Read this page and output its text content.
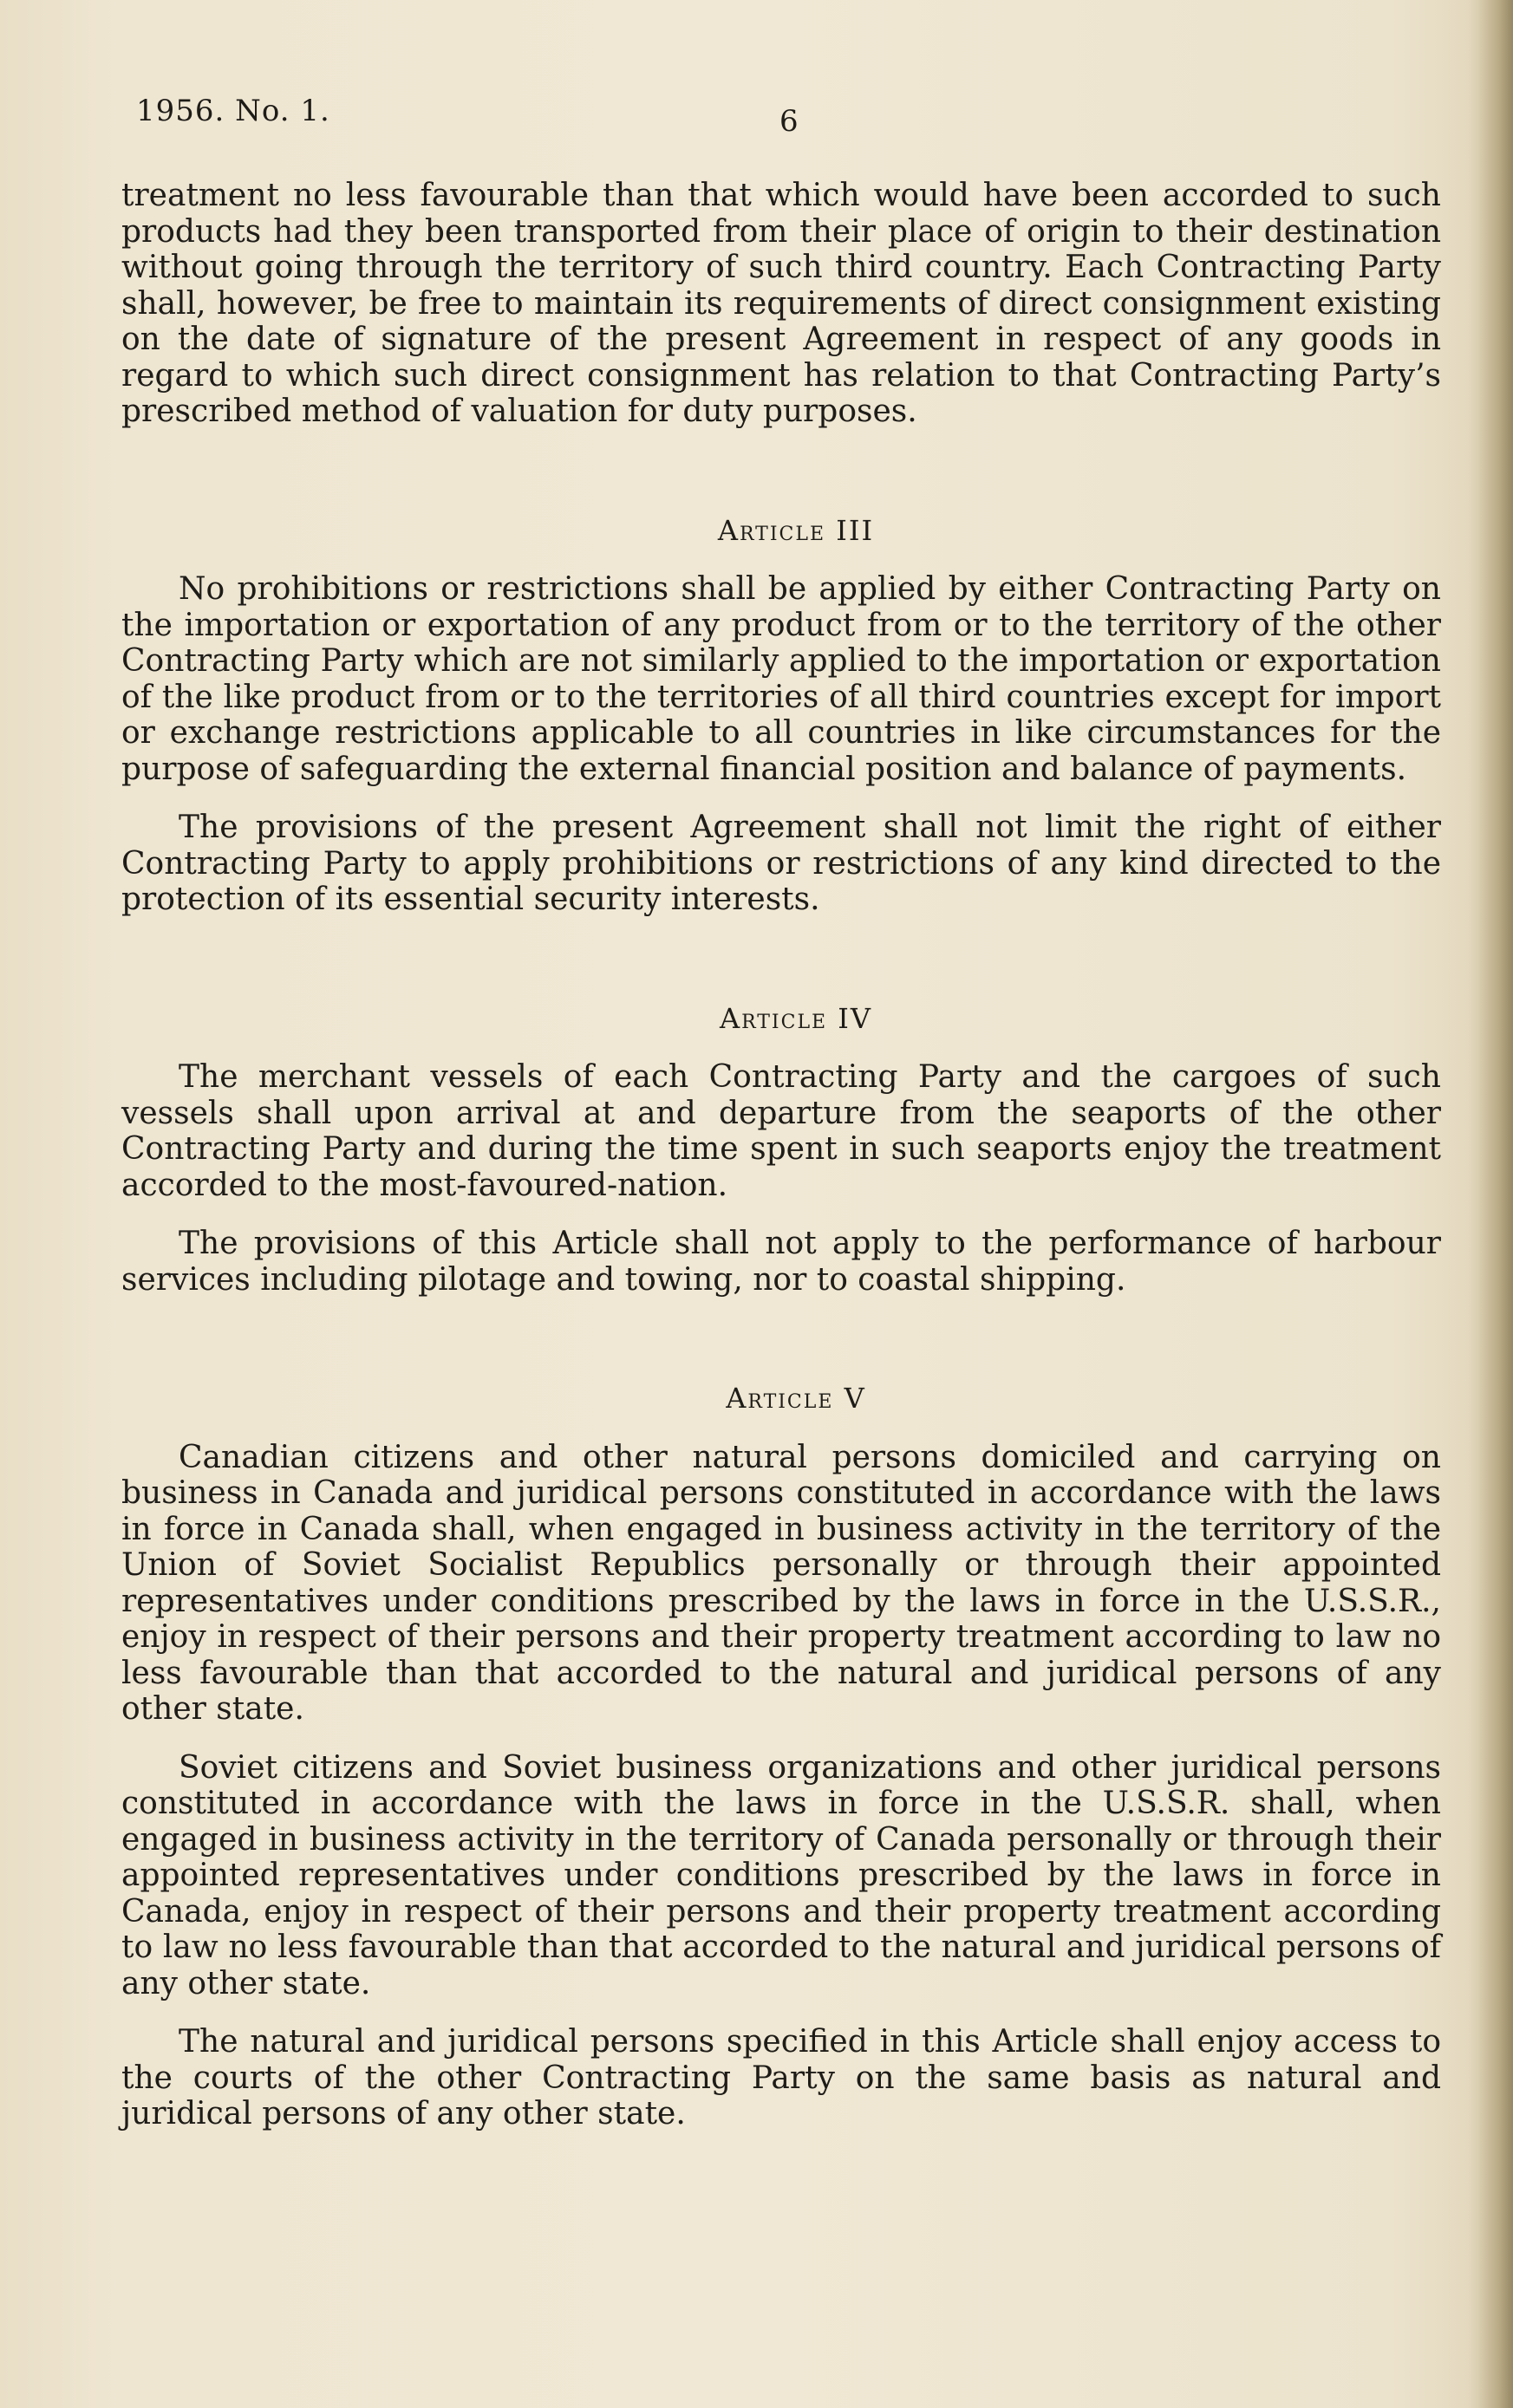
1956. No. 1.	6

treatment no less favourable than that which would have been accorded to such products had they been transported from their place of origin to their destination without going through the territory of such third country. Each Contracting Party shall, however, be free to maintain its requirements of direct consignment existing on the date of signature of the present Agreement in respect of any goods in regard to which such direct consignment has relation to that Contracting Party’s prescribed method of valuation for duty purposes.

Article III

No prohibitions or restrictions shall be applied by either Contracting Party on the importation or exportation of any product from or to the territory of the other Contracting Party which are not similarly applied to the importation or exportation of the like product from or to the territories of all third countries except for import or exchange restrictions applicable to all countries in like circumstances for the purpose of safeguarding the external financial position and balance of payments.

The provisions of the present Agreement shall not limit the right of either Contracting Party to apply prohibitions or restrictions of any kind directed to the protection of its essential security interests.

Article IV

The merchant vessels of each Contracting Party and the cargoes of such vessels shall upon arrival at and departure from the seaports of the other Contracting Party and during the time spent in such seaports enjoy the treatment accorded to the most-favoured-nation.

The provisions of this Article shall not apply to the performance of harbour services including pilotage and towing, nor to coastal shipping.

Article V

Canadian citizens and other natural persons domiciled and carrying on business in Canada and juridical persons constituted in accordance with the laws in force in Canada shall, when engaged in business activity in the territory of the Union of Soviet Socialist Republics personally or through their appointed representatives under conditions prescribed by the laws in force in the U.S.S.R., enjoy in respect of their persons and their property treatment according to law no less favourable than that accorded to the natural and juridical persons of any other state.

Soviet citizens and Soviet business organizations and other juridical persons constituted in accordance with the laws in force in the U.S.S.R. shall, when engaged in business activity in the territory of Canada personally or through their appointed representatives under conditions prescribed by the laws in force in Canada, enjoy in respect of their persons and their property treatment according to law no less favourable than that accorded to the natural and juridical persons of any other state.

The natural and juridical persons specified in this Article shall enjoy access to the courts of the other Contracting Party on the same basis as natural and juridical persons of any other state.
